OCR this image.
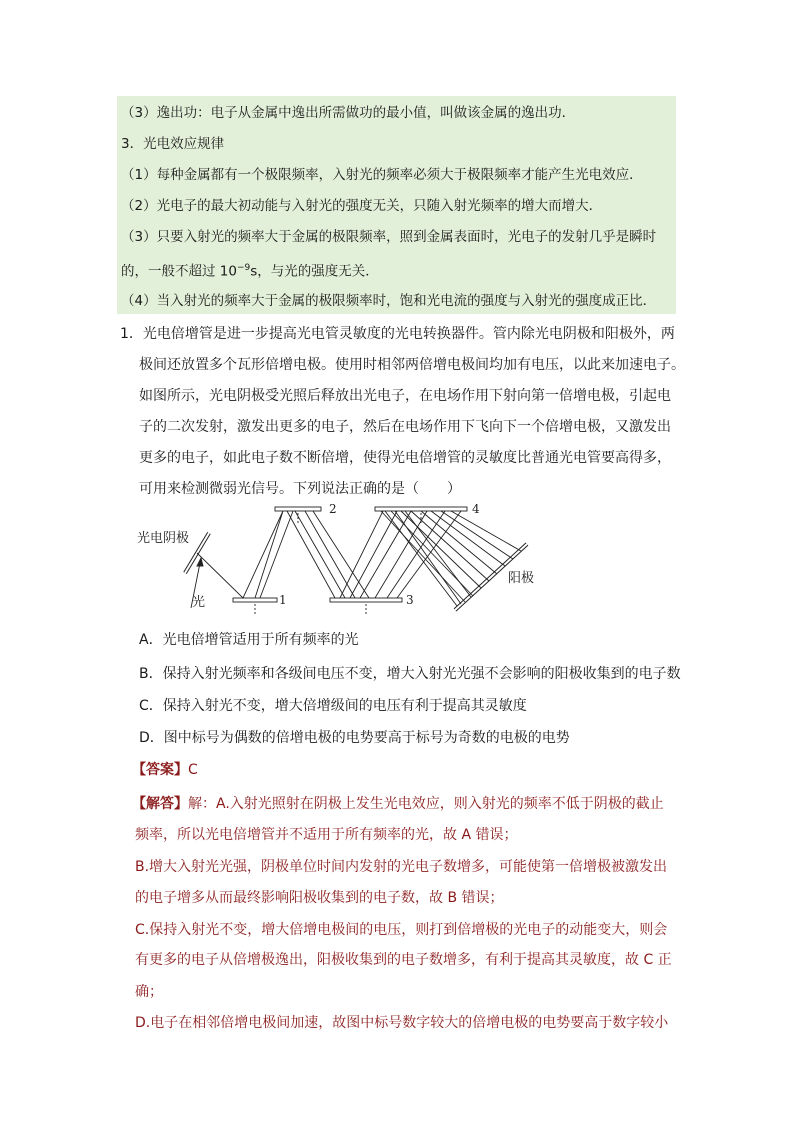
（3）逸出功：电子从金属中逸出所需做功的最小值，叫做该金属的逸出功．
3．光电效应规律
（1）每种金属都有一个极限频率，入射光的频率必须大于极限频率才能产生光电效应．
（2）光电子的最大初动能与入射光的强度无关，只随入射光频率的增大而增大．
（3）只要入射光的频率大于金属的极限频率，照到金属表面时，光电子的发射几乎是瞬时
的，一般不超过 $10^{-9}s$，与光的强度无关．
（4）当入射光的频率大于金属的极限频率时，饱和光电流的强度与入射光的强度成正比．
1．光电倍增管是进一步提高光电管灵敏度的光电转换器件。管内除光电阴极和阳极外，两
极间还放置多个瓦形倍增电极。使用时相邻两倍增电极间均加有电压，以此来加速电子。
如图所示，光电阴极受光照后释放出光电子，在电场作用下射向第一倍增电极，引起电
子的二次发射，激发出更多的电子，然后在电场作用下飞向下一个倍增电极，又激发出
更多的电子，如此电子数不断倍增，使得光电倍增管的灵敏度比普通光电管要高得多，
可用来检测微弱光信号。下列说法正确的是（　　）
光电阴极
光
阳极
1
2
3
4
A．光电倍增管适用于所有频率的光
B．保持入射光频率和各级间电压不变，增大入射光光强不会影响的阳极收集到的电子数
C．保持入射光不变，增大倍增级间的电压有利于提高其灵敏度
D．图中标号为偶数的倍增电极的电势要高于标号为奇数的电极的电势
【答案】C
【解答】解：A.入射光照射在阴极上发生光电效应，则入射光的频率不低于阴极的截止
频率，所以光电倍增管并不适用于所有频率的光，故 A 错误；
B.增大入射光光强，阴极单位时间内发射的光电子数增多，可能使第一倍增极被激发出
的电子增多从而最终影响阳极收集到的电子数，故 B 错误；
C.保持入射光不变，增大倍增电极间的电压，则打到倍增极的光电子的动能变大，则会
有更多的电子从倍增极逸出，阳极收集到的电子数增多，有利于提高其灵敏度，故 C 正
确；
D.电子在相邻倍增电极间加速，故图中标号数字较大的倍增电极的电势要高于数字较小
